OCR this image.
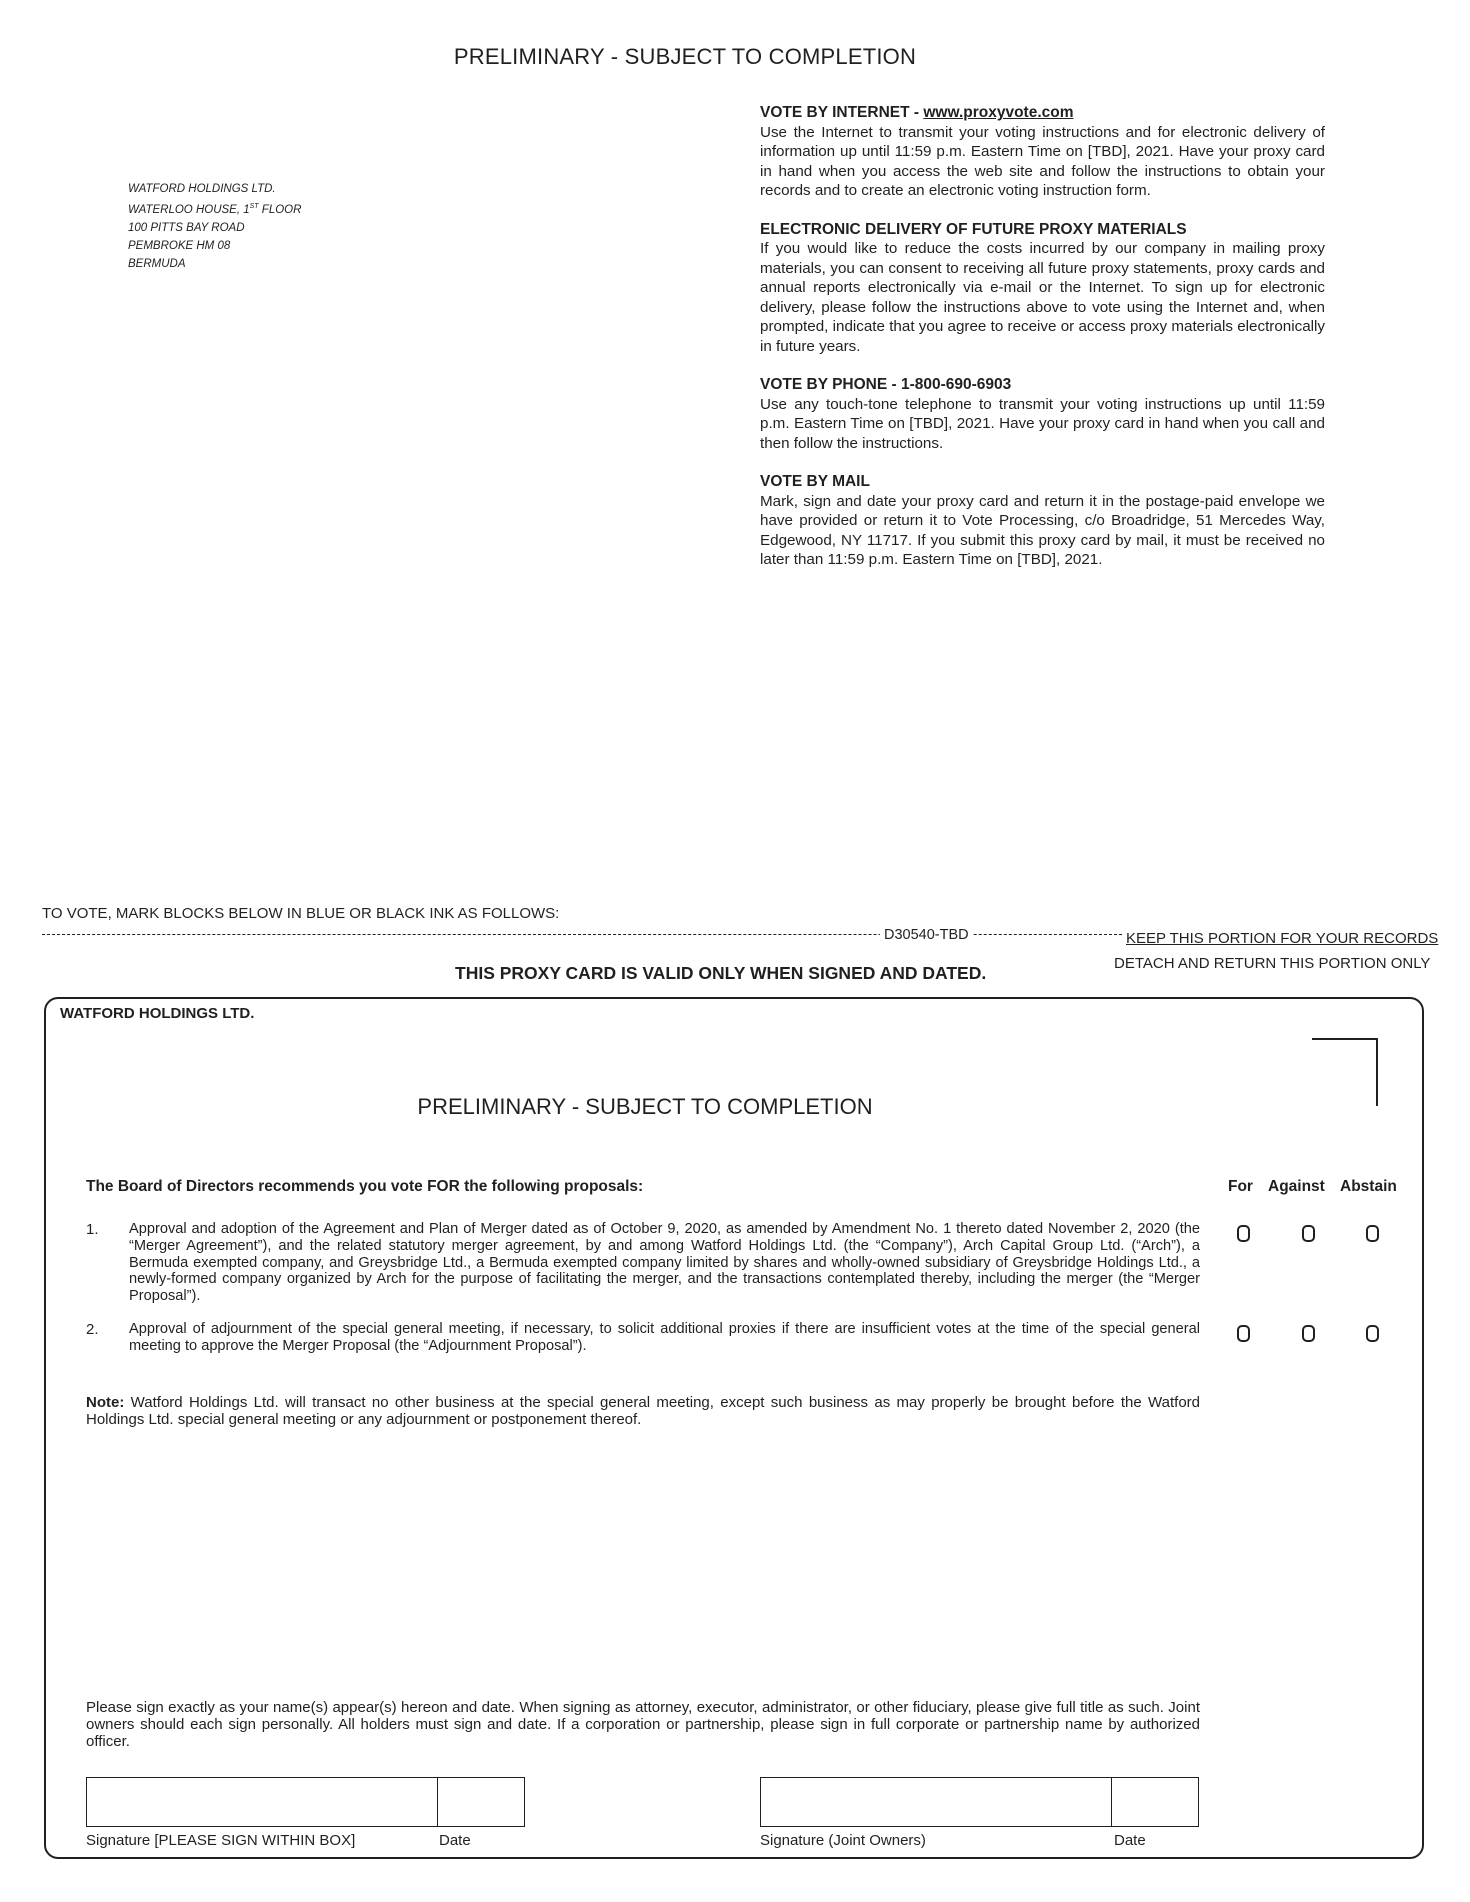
PRELIMINARY - SUBJECT TO COMPLETION
WATFORD HOLDINGS LTD.
WATERLOO HOUSE, 1ST FLOOR
100 PITTS BAY ROAD
PEMBROKE HM 08
BERMUDA
VOTE BY INTERNET - www.proxyvote.com
Use the Internet to transmit your voting instructions and for electronic delivery of information up until 11:59 p.m. Eastern Time on [TBD], 2021. Have your proxy card in hand when you access the web site and follow the instructions to obtain your records and to create an electronic voting instruction form.
ELECTRONIC DELIVERY OF FUTURE PROXY MATERIALS
If you would like to reduce the costs incurred by our company in mailing proxy materials, you can consent to receiving all future proxy statements, proxy cards and annual reports electronically via e-mail or the Internet. To sign up for electronic delivery, please follow the instructions above to vote using the Internet and, when prompted, indicate that you agree to receive or access proxy materials electronically in future years.
VOTE BY PHONE - 1-800-690-6903
Use any touch-tone telephone to transmit your voting instructions up until 11:59 p.m. Eastern Time on [TBD], 2021. Have your proxy card in hand when you call and then follow the instructions.
VOTE BY MAIL
Mark, sign and date your proxy card and return it in the postage-paid envelope we have provided or return it to Vote Processing, c/o Broadridge, 51 Mercedes Way, Edgewood, NY 11717. If you submit this proxy card by mail, it must be received no later than 11:59 p.m. Eastern Time on [TBD], 2021.
TO VOTE, MARK BLOCKS BELOW IN BLUE OR BLACK INK AS FOLLOWS:
D30540-TBD	KEEP THIS PORTION FOR YOUR RECORDS
DETACH AND RETURN THIS PORTION ONLY
THIS PROXY CARD IS VALID ONLY WHEN SIGNED AND DATED.
WATFORD HOLDINGS LTD.
PRELIMINARY - SUBJECT TO COMPLETION
The Board of Directors recommends you vote FOR the following proposals:	For Against Abstain
1. Approval and adoption of the Agreement and Plan of Merger dated as of October 9, 2020, as amended by Amendment No. 1 thereto dated November 2, 2020 (the “Merger Agreement”), and the related statutory merger agreement, by and among Watford Holdings Ltd. (the “Company”), Arch Capital Group Ltd. (“Arch”), a Bermuda exempted company, and Greysbridge Ltd., a Bermuda exempted company limited by shares and wholly-owned subsidiary of Greysbridge Holdings Ltd., a newly-formed company organized by Arch for the purpose of facilitating the merger, and the transactions contemplated thereby, including the merger (the “Merger Proposal”).
2. Approval of adjournment of the special general meeting, if necessary, to solicit additional proxies if there are insufficient votes at the time of the special general meeting to approve the Merger Proposal (the “Adjournment Proposal”).
Note: Watford Holdings Ltd. will transact no other business at the special general meeting, except such business as may properly be brought before the Watford Holdings Ltd. special general meeting or any adjournment or postponement thereof.
Please sign exactly as your name(s) appear(s) hereon and date. When signing as attorney, executor, administrator, or other fiduciary, please give full title as such. Joint owners should each sign personally. All holders must sign and date. If a corporation or partnership, please sign in full corporate or partnership name by authorized officer.
Signature [PLEASE SIGN WITHIN BOX]	Date	Signature (Joint Owners)	Date
